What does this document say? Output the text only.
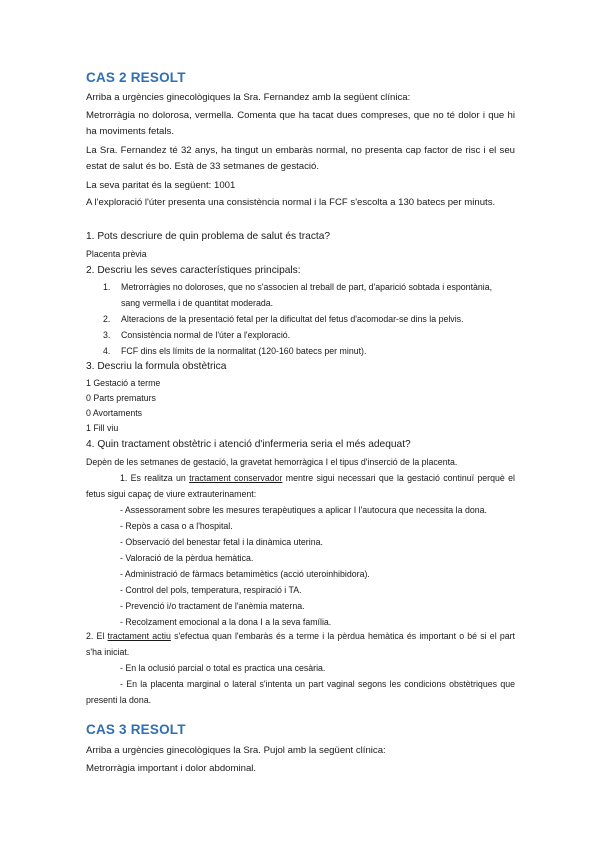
CAS 2 RESOLT

Arriba a urgències ginecològiques la Sra. Fernandez amb la següent clínica:

Metrorràgia no dolorosa, vermella. Comenta que ha tacat dues compreses, que no té dolor i que hi ha moviments fetals.

La Sra. Fernandez té 32 anys, ha tingut un embaràs normal, no presenta cap factor de risc i el seu estat de salut és bo. Està de 33 setmanes de gestació.

La seva paritat és la següent: 1001

A l'exploració l'úter presenta una consistència normal i la FCF s'escolta a 130 batecs per minuts.

1. Pots descriure de quin problema de salut és tracta?

Placenta prèvia

2. Descriu les seves característiques principals:

1. Metrorràgies no doloroses, que no s'associen al treball de part, d'aparició sobtada i espontània, sang vermella i de quantitat moderada.
2. Alteracions de la presentació fetal per la dificultat del fetus d'acomodar-se dins la pelvis.
3. Consistència normal de l'úter a l'exploració.
4. FCF dins els límits de la normalitat (120-160 batecs per minut).

3. Descriu la formula obstètrica

1 Gestació a terme

0 Parts prematurs

0 Avortaments

1 Fill viu

4. Quin tractament obstètric i atenció d'infermeria seria el més adequat?

Depèn de les setmanes de gestació, la gravetat hemorràgica I el tipus d'inserció de la placenta.

1. Es realitza un tractament conservador mentre sigui necessari que la gestació continuï perquè el fetus sigui capaç de viure extrauterinament:

- Assessorament sobre les mesures terapèutiques a aplicar I l'autocura que necessita la dona.

- Repòs a casa o a l'hospital.

- Observació del benestar fetal i la dinàmica uterina.

- Valoració de la pèrdua hemàtica.

- Administració de fàrmacs betamimètics (acció uteroinhibidora).

- Control del pols, temperatura, respiració i TA.

- Prevenció i/o tractament de l'anèmia materna.

- Recolzament emocional a la dona I a la seva família.

2. El tractament actiu s'efectua quan l'embaràs és a terme i la pèrdua hemàtica és important o bé si el part s'ha iniciat.

- En la oclusió parcial o total es practica una cesària.

- En la placenta marginal o lateral s'intenta un part vaginal segons les condicions obstètriques que presenti la dona.

CAS 3 RESOLT

Arriba a urgències ginecològiques la Sra. Pujol amb la següent clínica:

Metrorràgia important i dolor abdominal.
